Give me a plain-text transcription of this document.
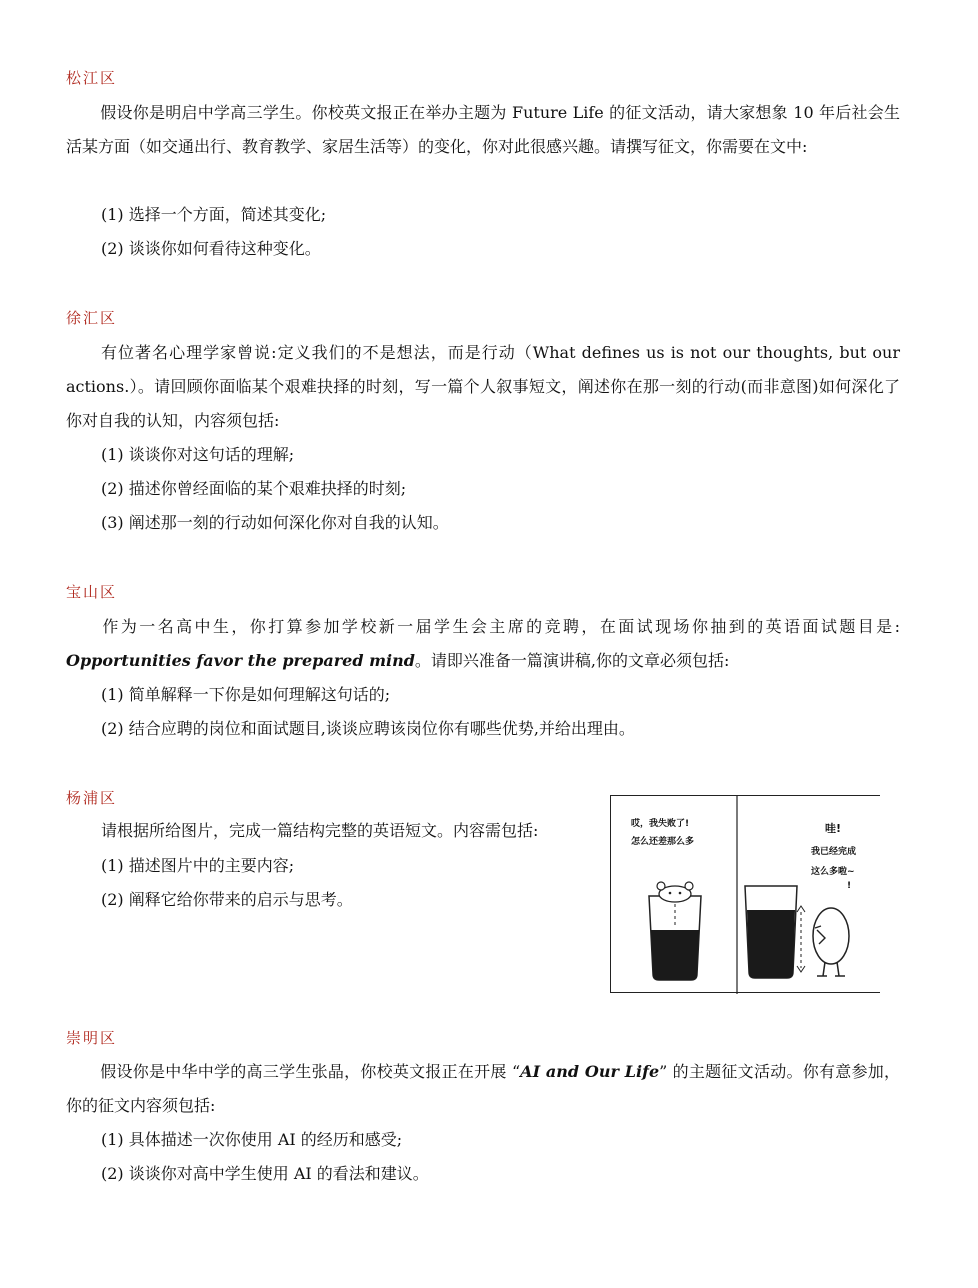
松江区

假设你是明启中学高三学生。你校英文报正在举办主题为 Future Life 的征文活动，请大家想象 10 年后社会生活某方面（如交通出行、教育教学、家居生活等）的变化，你对此很感兴趣。请撰写征文，你需要在文中:

(1) 选择一个方面，简述其变化;
(2) 谈谈你如何看待这种变化。
徐汇区

有位著名心理学家曾说:定义我们的不是想法，而是行动（What defines us is not our thoughts, but our actions.）。请回顾你面临某个艰难抉择的时刻，写一篇个人叙事短文，阐述你在那一刻的行动(而非意图)如何深化了你对自我的认知，内容须包括:

(1) 谈谈你对这句话的理解;
(2) 描述你曾经面临的某个艰难抉择的时刻;
(3) 阐述那一刻的行动如何深化你对自我的认知。
宝山区

作为一名高中生，你打算参加学校新一届学生会主席的竞聘，在面试现场你抽到的英语面试题目是: Opportunities favor the prepared mind。请即兴准备一篇演讲稿,你的文章必须包括:

(1) 简单解释一下你是如何理解这句话的;
(2) 结合应聘的岗位和面试题目,谈谈应聘该岗位你有哪些优势,并给出理由。
杨浦区
请根据所给图片，完成一篇结构完整的英语短文。内容需包括:
(1) 描述图片中的主要内容;
(2) 阐释它给你带来的启示与思考。
哎，我失败了!
怎么还差那么多
哇!
我已经完成
这么多啦~
!
崇明区

假设你是中华中学的高三学生张晶，你校英文报正在开展 “AI and Our Life” 的主题征文活动。你有意参加，你的征文内容须包括:

(1) 具体描述一次你使用 AI 的经历和感受;
(2) 谈谈你对高中学生使用 AI 的看法和建议。
